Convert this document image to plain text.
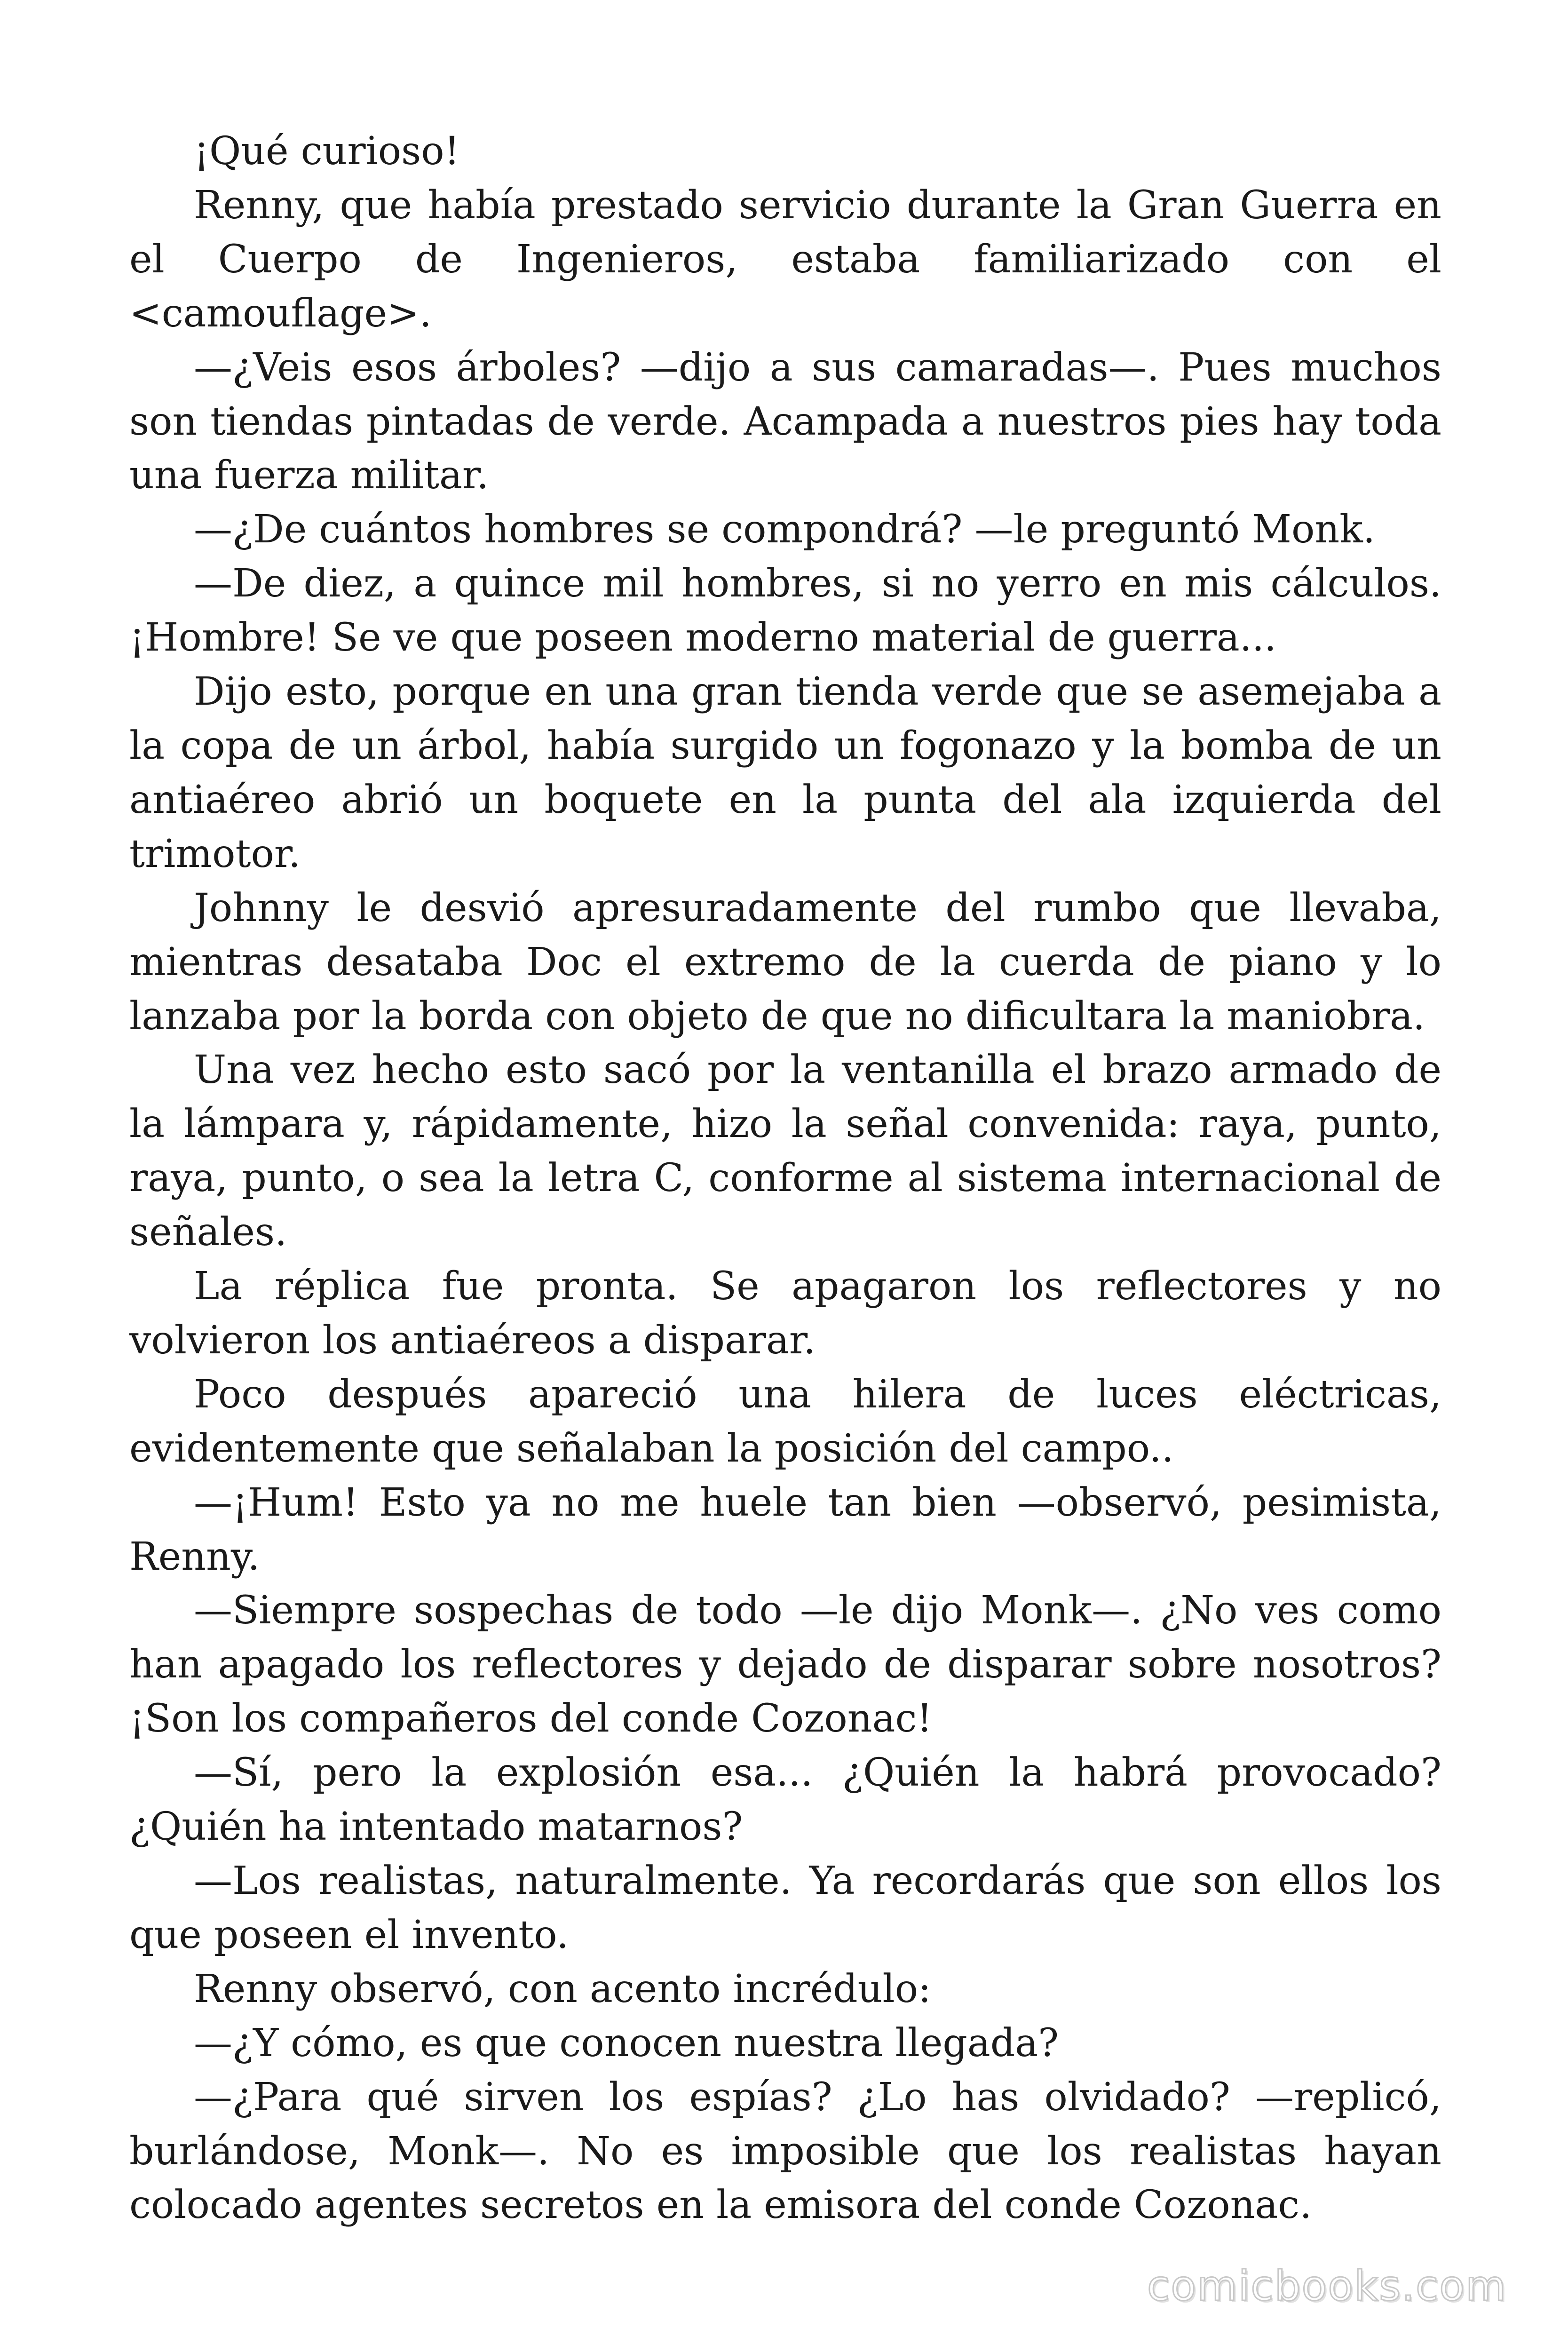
¡Qué curioso!

Renny, que había prestado servicio durante la Gran Guerra en el Cuerpo de Ingenieros, estaba familiarizado con el <camouflage>.

—¿Veis esos árboles? —dijo a sus camaradas—. Pues muchos son tiendas pintadas de verde. Acampada a nuestros pies hay toda una fuerza militar.

—¿De cuántos hombres se compondrá? —le preguntó Monk.

—De diez, a quince mil hombres, si no yerro en mis cálculos. ¡Hombre! Se ve que poseen moderno material de guerra...

Dijo esto, porque en una gran tienda verde que se asemejaba a la copa de un árbol, había surgido un fogonazo y la bomba de un antiaéreo abrió un boquete en la punta del ala izquierda del trimotor.

Johnny le desvió apresuradamente del rumbo que llevaba, mientras desataba Doc el extremo de la cuerda de piano y lo lanzaba por la borda con objeto de que no dificultara la maniobra.

Una vez hecho esto sacó por la ventanilla el brazo armado de la lámpara y, rápidamente, hizo la señal convenida: raya, punto, raya, punto, o sea la letra C, conforme al sistema internacional de señales.

La réplica fue pronta. Se apagaron los reflectores y no volvieron los antiaéreos a disparar.

Poco después apareció una hilera de luces eléctricas, evidentemente que señalaban la posición del campo..

—¡Hum! Esto ya no me huele tan bien —observó, pesimista, Renny.

—Siempre sospechas de todo —le dijo Monk—. ¿No ves como han apagado los reflectores y dejado de disparar sobre nosotros? ¡Son los compañeros del conde Cozonac!

—Sí, pero la explosión esa... ¿Quién la habrá provocado? ¿Quién ha intentado matarnos?

—Los realistas, naturalmente. Ya recordarás que son ellos los que poseen el invento.

Renny observó, con acento incrédulo:

—¿Y cómo, es que conocen nuestra llegada?

—¿Para qué sirven los espías? ¿Lo has olvidado? —replicó, burlándose, Monk—. No es imposible que los realistas hayan colocado agentes secretos en la emisora del conde Cozonac.

comicbooks.com
